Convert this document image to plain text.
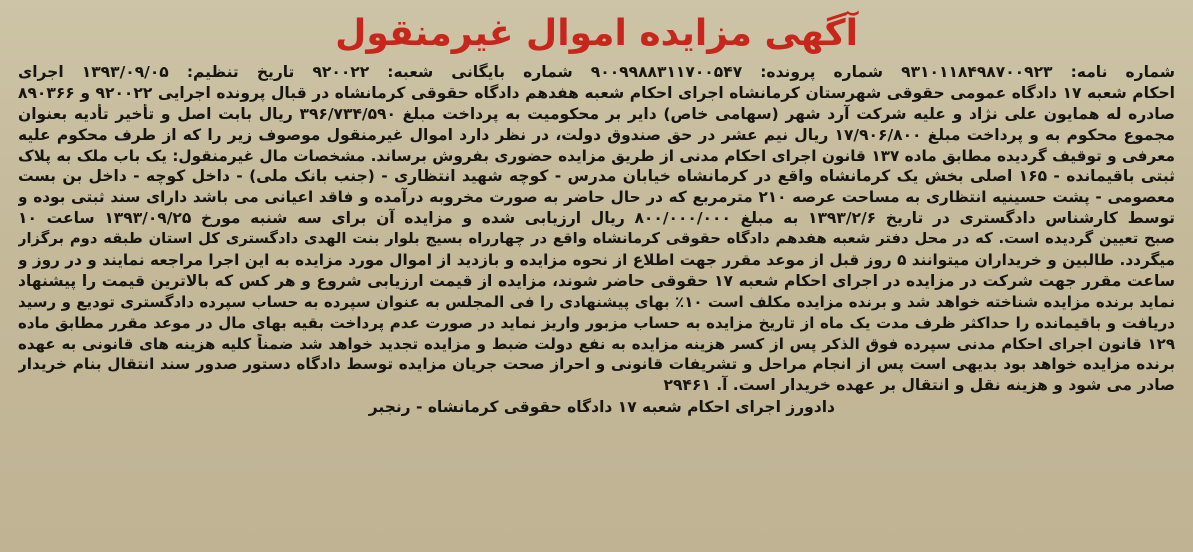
آگهی مزایده اموال غیرمنقول
شماره نامه: ۹۳۱۰۱۱۸۴۹۸۷۰۰۹۲۳ شماره پرونده: ۹۰۰۹۹۸۸۳۱۱۷۰۰۵۴۷ شماره بایگانی شعبه: ۹۲۰۰۲۲ تاریخ تنظیم: ۱۳۹۳/۰۹/۰۵ اجرای
احکام شعبه ۱۷ دادگاه عمومی حقوقی شهرستان کرمانشاه اجرای احکام شعبه هفدهم دادگاه حقوقی کرمانشاه در قبال پرونده اجرایی ۹۲۰۰۲۲ و ۸۹۰۳۶۶
صادره له همایون علی نژاد و علیه شرکت آرد شهر (سهامی خاص) دایر بر محکومیت به پرداخت مبلغ ۳۹۶/۷۳۴/۵۹۰ ریال بابت اصل و تأخیر تأدیه بعنوان
مجموع محکوم به و پرداخت مبلغ ۱۷/۹۰۶/۸۰۰ ریال نیم عشر در حق صندوق دولت، در نظر دارد اموال غیرمنقول موصوف زیر را که از طرف محکوم علیه
معرفی و توقیف گردیده مطابق ماده ۱۳۷ قانون اجرای احکام مدنی از طریق مزایده حضوری بفروش برساند. مشخصات مال غیرمنقول: یک باب ملک به پلاک
ثبتی باقیمانده - ۱۶۵ اصلی بخش یک کرمانشاه واقع در کرمانشاه خیابان مدرس - کوچه شهید انتظاری - (جنب بانک ملی) - داخل کوچه - داخل بن بست
معصومی - پشت حسینیه انتظاری به مساحت عرصه ۲۱۰ مترمربع که در حال حاضر به صورت مخروبه درآمده و فاقد اعیانی می باشد دارای سند ثبتی بوده و
توسط کارشناس دادگستری در تاریخ ۱۳۹۳/۲/۶ به مبلغ ۸۰۰/۰۰۰/۰۰۰ ریال ارزیابی شده و مزایده آن برای سه شنبه مورخ ۱۳۹۳/۰۹/۲۵ ساعت ۱۰
صبح تعیین گردیده است. که در محل دفتر شعبه هفدهم دادگاه حقوقی کرمانشاه واقع در چهارراه بسیج بلوار بنت الهدی دادگستری کل استان طبقه دوم برگزار
میگردد. طالبین و خریداران میتوانند ۵ روز قبل از موعد مقرر جهت اطلاع از نحوه مزایده و بازدید از اموال مورد مزایده به این اجرا مراجعه نمایند و در روز و
ساعت مقرر جهت شرکت در مزایده در اجرای احکام شعبه ۱۷ حقوقی حاضر شوند، مزایده از قیمت ارزیابی شروع و هر کس که بالاترین قیمت را پیشنهاد
نماید برنده مزایده شناخته خواهد شد و برنده مزایده مکلف است ۱۰٪ بهای پیشنهادی را فی المجلس به عنوان سپرده به حساب سپرده دادگستری تودیع و رسید
دریافت و باقیمانده را حداکثر ظرف مدت یک ماه از تاریخ مزایده به حساب مزبور واریز نماید در صورت عدم پرداخت بقیه بهای مال در موعد مقرر مطابق ماده
۱۲۹ قانون اجرای احکام مدنی سپرده فوق الذکر پس از کسر هزینه مزایده به نفع دولت ضبط و مزایده تجدید خواهد شد ضمناً کلیه هزینه های قانونی به عهده
برنده مزایده خواهد بود بدیهی است پس از انجام مراحل و تشریفات قانونی و احراز صحت جریان مزایده توسط دادگاه دستور صدور سند انتقال بنام خریدار
صادر می شود و هزینه نقل و انتقال بر عهده خریدار است. آ. ۲۹۴۶۱
دادورز اجرای احکام شعبه ۱۷ دادگاه حقوقی کرمانشاه - رنجبر
